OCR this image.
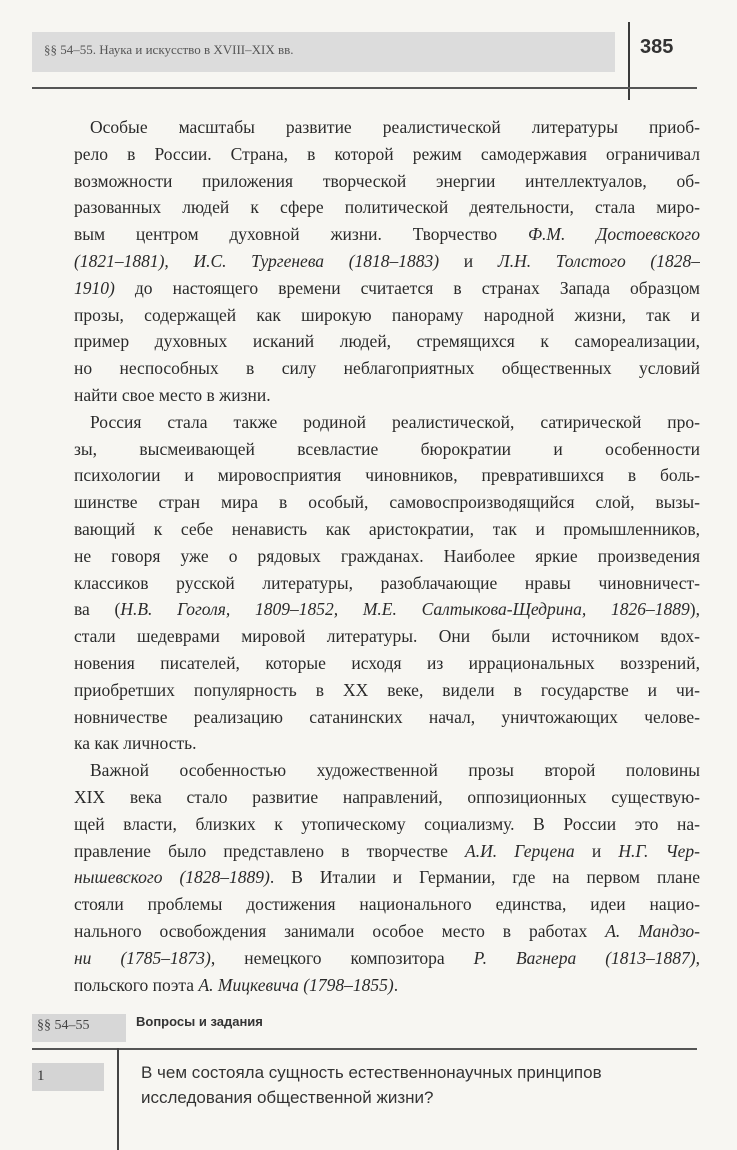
§§ 54–55. Наука и искусство в XVIII–XIX вв.	385
Особые масштабы развитие реалистической литературы приоб-
рело в России. Страна, в которой режим самодержавия ограничивал
возможности приложения творческой энергии интеллектуалов, об-
разованных людей к сфере политической деятельности, стала миро-
вым центром духовной жизни. Творчество Ф.М. Достоевского
(1821–1881), И.С. Тургенева (1818–1883) и Л.Н. Толстого (1828–
1910) до настоящего времени считается в странах Запада образцом
прозы, содержащей как широкую панораму народной жизни, так и
пример духовных исканий людей, стремящихся к самореализации,
но неспособных в силу неблагоприятных общественных условий
найти свое место в жизни.
Россия стала также родиной реалистической, сатирической про-
зы, высмеивающей всевластие бюрократии и особенности
психологии и мировосприятия чиновников, превратившихся в боль-
шинстве стран мира в особый, самовоспроизводящийся слой, вызы-
вающий к себе ненависть как аристократии, так и промышленников,
не говоря уже о рядовых гражданах. Наиболее яркие произведения
классиков русской литературы, разоблачающие нравы чиновничест-
ва (Н.В. Гоголя, 1809–1852, М.Е. Салтыкова-Щедрина, 1826–1889),
стали шедеврами мировой литературы. Они были источником вдох-
новения писателей, которые исходя из иррациональных воззрений,
приобретших популярность в XX веке, видели в государстве и чи-
новничестве реализацию сатанинских начал, уничтожающих челове-
ка как личность.
Важной особенностью художественной прозы второй половины
XIX века стало развитие направлений, оппозиционных существую-
щей власти, близких к утопическому социализму. В России это на-
правление было представлено в творчестве А.И. Герцена и Н.Г. Чер-
нышевского (1828–1889). В Италии и Германии, где на первом плане
стояли проблемы достижения национального единства, идеи нацио-
нального освобождения занимали особое место в работах А. Мандзо-
ни (1785–1873), немецкого композитора Р. Вагнера (1813–1887),
польского поэта А. Мицкевича (1798–1855).
§§ 54–55	Вопросы и задания
1	В чем состояла сущность естественнонаучных принципов исследования общественной жизни?
